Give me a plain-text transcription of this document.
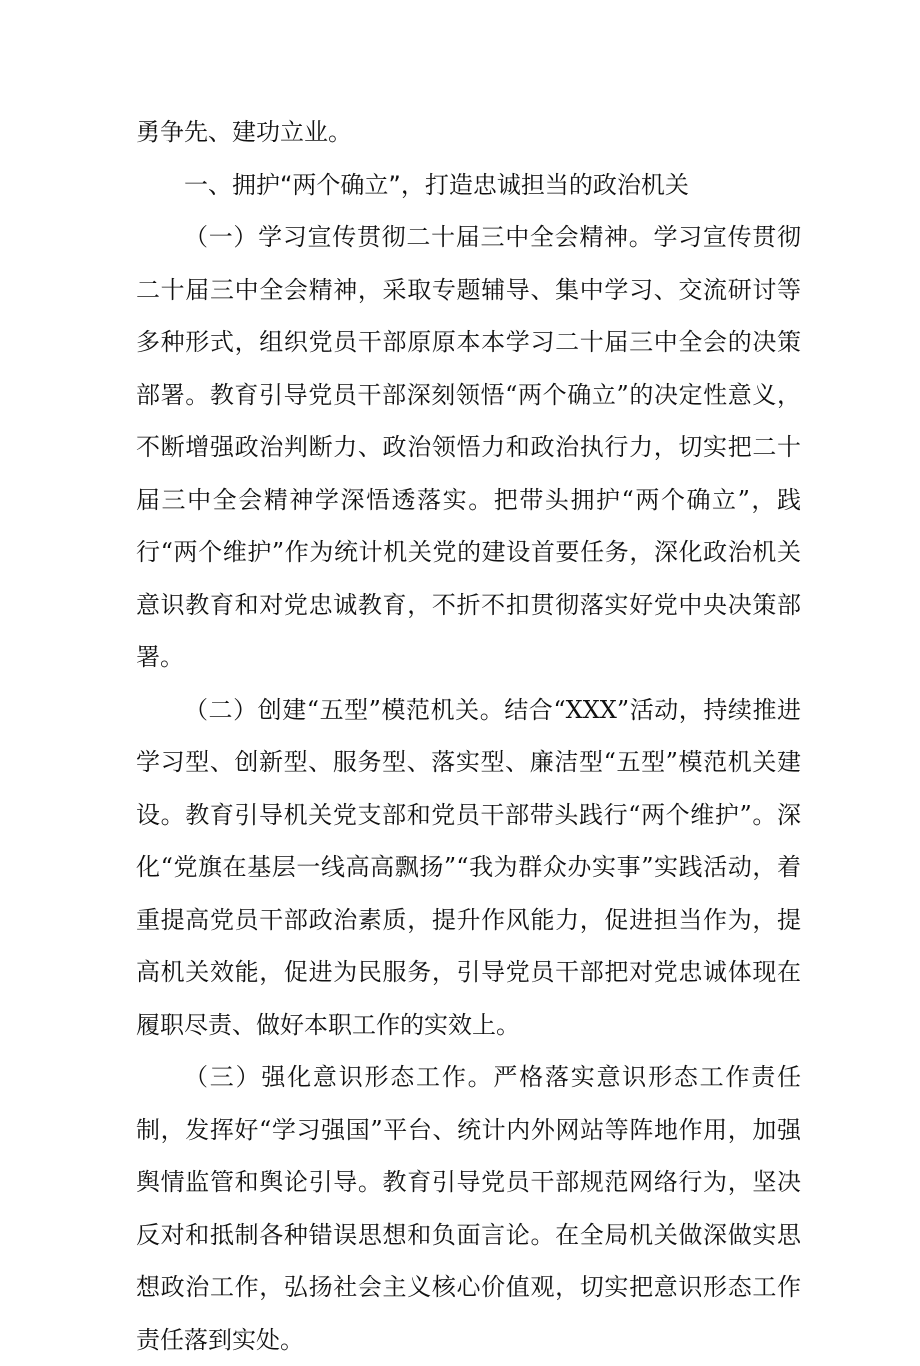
勇争先、建功立业。

一、拥护“两个确立”，打造忠诚担当的政治机关

（一）学习宣传贯彻二十届三中全会精神。学习宣传贯彻二十届三中全会精神，采取专题辅导、集中学习、交流研讨等多种形式，组织党员干部原原本本学习二十届三中全会的决策部署。教育引导党员干部深刻领悟“两个确立”的决定性意义，不断增强政治判断力、政治领悟力和政治执行力，切实把二十届三中全会精神学深悟透落实。把带头拥护“两个确立”，践行“两个维护”作为统计机关党的建设首要任务，深化政治机关意识教育和对党忠诚教育，不折不扣贯彻落实好党中央决策部署。

（二）创建“五型”模范机关。结合“XXX”活动，持续推进学习型、创新型、服务型、落实型、廉洁型“五型”模范机关建设。教育引导机关党支部和党员干部带头践行“两个维护”。深化“党旗在基层一线高高飘扬”“我为群众办实事”实践活动，着重提高党员干部政治素质，提升作风能力，促进担当作为，提高机关效能，促进为民服务，引导党员干部把对党忠诚体现在履职尽责、做好本职工作的实效上。

（三）强化意识形态工作。严格落实意识形态工作责任制，发挥好“学习强国”平台、统计内外网站等阵地作用，加强舆情监管和舆论引导。教育引导党员干部规范网络行为，坚决反对和抵制各种错误思想和负面言论。在全局机关做深做实思想政治工作，弘扬社会主义核心价值观，切实把意识形态工作责任落到实处。
